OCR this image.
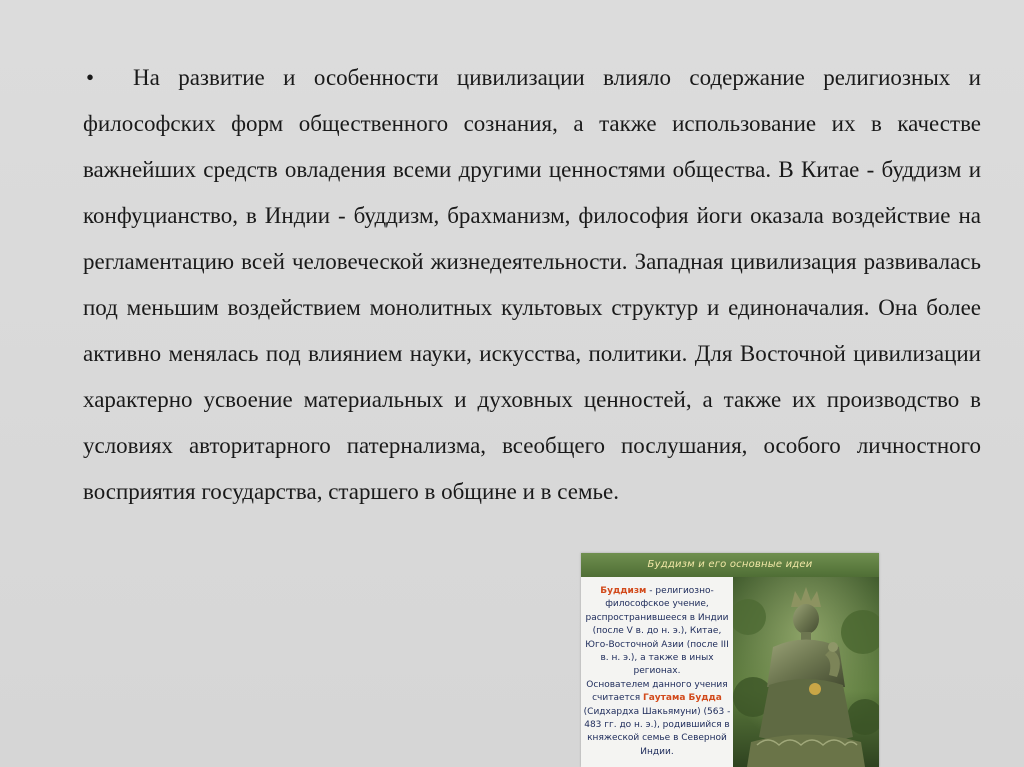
• На развитие и особенности цивилизации влияло содержание религиозных и философских форм общественного сознания, а также использование их в качестве важнейших средств овладения всеми другими ценностями общества. В Китае - буддизм и конфуцианство, в Индии - буддизм, брахманизм, философия йоги оказала воздействие на регламентацию всей человеческой жизнедеятельности. Западная цивилизация развивалась под меньшим воздействием монолитных культовых структур и единоначалия. Она более активно менялась под влиянием науки, искусства, политики. Для Восточной цивилизации характерно усвоение материальных и духовных ценностей, а также их производство в условиях авторитарного патернализма, всеобщего послушания, особого личностного восприятия государства, старшего в общине и в семье.

Буддизм и его основные идеи

Буддизм - религиозно-философское учение, распространившееся в Индии (после V в. до н. э.), Китае, Юго-Восточной Азии (после III в. н. э.), а также в иных регионах.

Основателем данного учения считается Гаутама Будда (Сидхардха Шакьямуни) (563 - 483 гг. до н. э.), родившийся в княжеской семье в Северной Индии.
